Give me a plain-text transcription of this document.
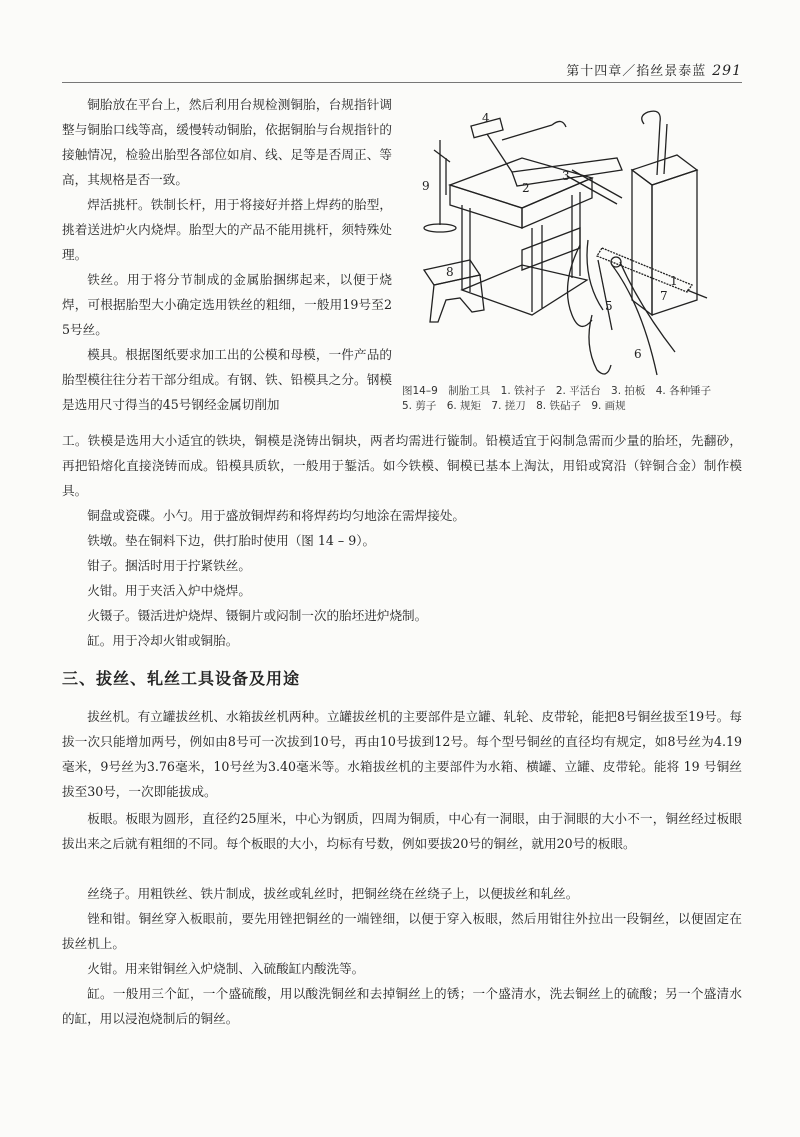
第十四章／掐丝景泰蓝 291

铜胎放在平台上，然后利用台规检测铜胎，台规指针调整与铜胎口线等高，缓慢转动铜胎，依据铜胎与台规指针的接触情况，检验出胎型各部位如肩、线、足等是否周正、等高，其规格是否一致。

焊活挑杆。铁制长杆，用于将接好并搭上焊药的胎型，挑着送进炉火内烧焊。胎型大的产品不能用挑杆，须特殊处理。

铁丝。用于将分节制成的金属胎捆绑起来，以便于烧焊，可根据胎型大小确定选用铁丝的粗细，一般用19号至25号丝。

模具。根据图纸要求加工出的公模和母模，一件产品的胎型模往往分若干部分组成。有钢、铁、铅模具之分。钢模是选用尺寸得当的45号钢经金属切削加

1
2
3
4
5
6
7
8
9
图14–9　制胎工具 1. 铁衬子 2. 平活台 3. 拍板 4. 各种锤子
5. 剪子 6. 规矩 7. 搓刀 8. 铁砧子 9. 画规

工。铁模是选用大小适宜的铁块，铜模是浇铸出铜块，两者均需进行镟制。铅模适宜于闷制急需而少量的胎坯，先翻砂，再把铅熔化直接浇铸而成。铅模具质软，一般用于錾活。如今铁模、铜模已基本上淘汰，用铅或窝沿（锌铜合金）制作模具。

铜盘或瓷碟。小勺。用于盛放铜焊药和将焊药均匀地涂在需焊接处。

铁墩。垫在铜料下边，供打胎时使用（图 14 – 9）。

钳子。捆活时用于拧紧铁丝。

火钳。用于夹活入炉中烧焊。

火镊子。镊活进炉烧焊、镊铜片或闷制一次的胎坯进炉烧制。

缸。用于冷却火钳或铜胎。

三、拔丝、轧丝工具设备及用途

拔丝机。有立罐拔丝机、水箱拔丝机两种。立罐拔丝机的主要部件是立罐、轧轮、皮带轮，能把8号铜丝拔至19号。每拔一次只能增加两号，例如由8号可一次拔到10号，再由10号拔到12号。每个型号铜丝的直径均有规定，如8号丝为4.19毫米，9号丝为3.76毫米，10号丝为3.40毫米等。水箱拔丝机的主要部件为水箱、横罐、立罐、皮带轮。能将 19 号铜丝拔至30号，一次即能拔成。

板眼。板眼为圆形，直径约25厘米，中心为钢质，四周为铜质，中心有一洞眼，由于洞眼的大小不一，铜丝经过板眼拔出来之后就有粗细的不同。每个板眼的大小，均标有号数，例如要拔20号的铜丝，就用20号的板眼。

丝绕子。用粗铁丝、铁片制成，拔丝或轧丝时，把铜丝绕在丝绕子上，以便拔丝和轧丝。

锉和钳。铜丝穿入板眼前，要先用锉把铜丝的一端锉细，以便于穿入板眼，然后用钳往外拉出一段铜丝，以便固定在拔丝机上。

火钳。用来钳铜丝入炉烧制、入硫酸缸内酸洗等。

缸。一般用三个缸，一个盛硫酸，用以酸洗铜丝和去掉铜丝上的锈；一个盛清水，洗去铜丝上的硫酸；另一个盛清水的缸，用以浸泡烧制后的铜丝。
